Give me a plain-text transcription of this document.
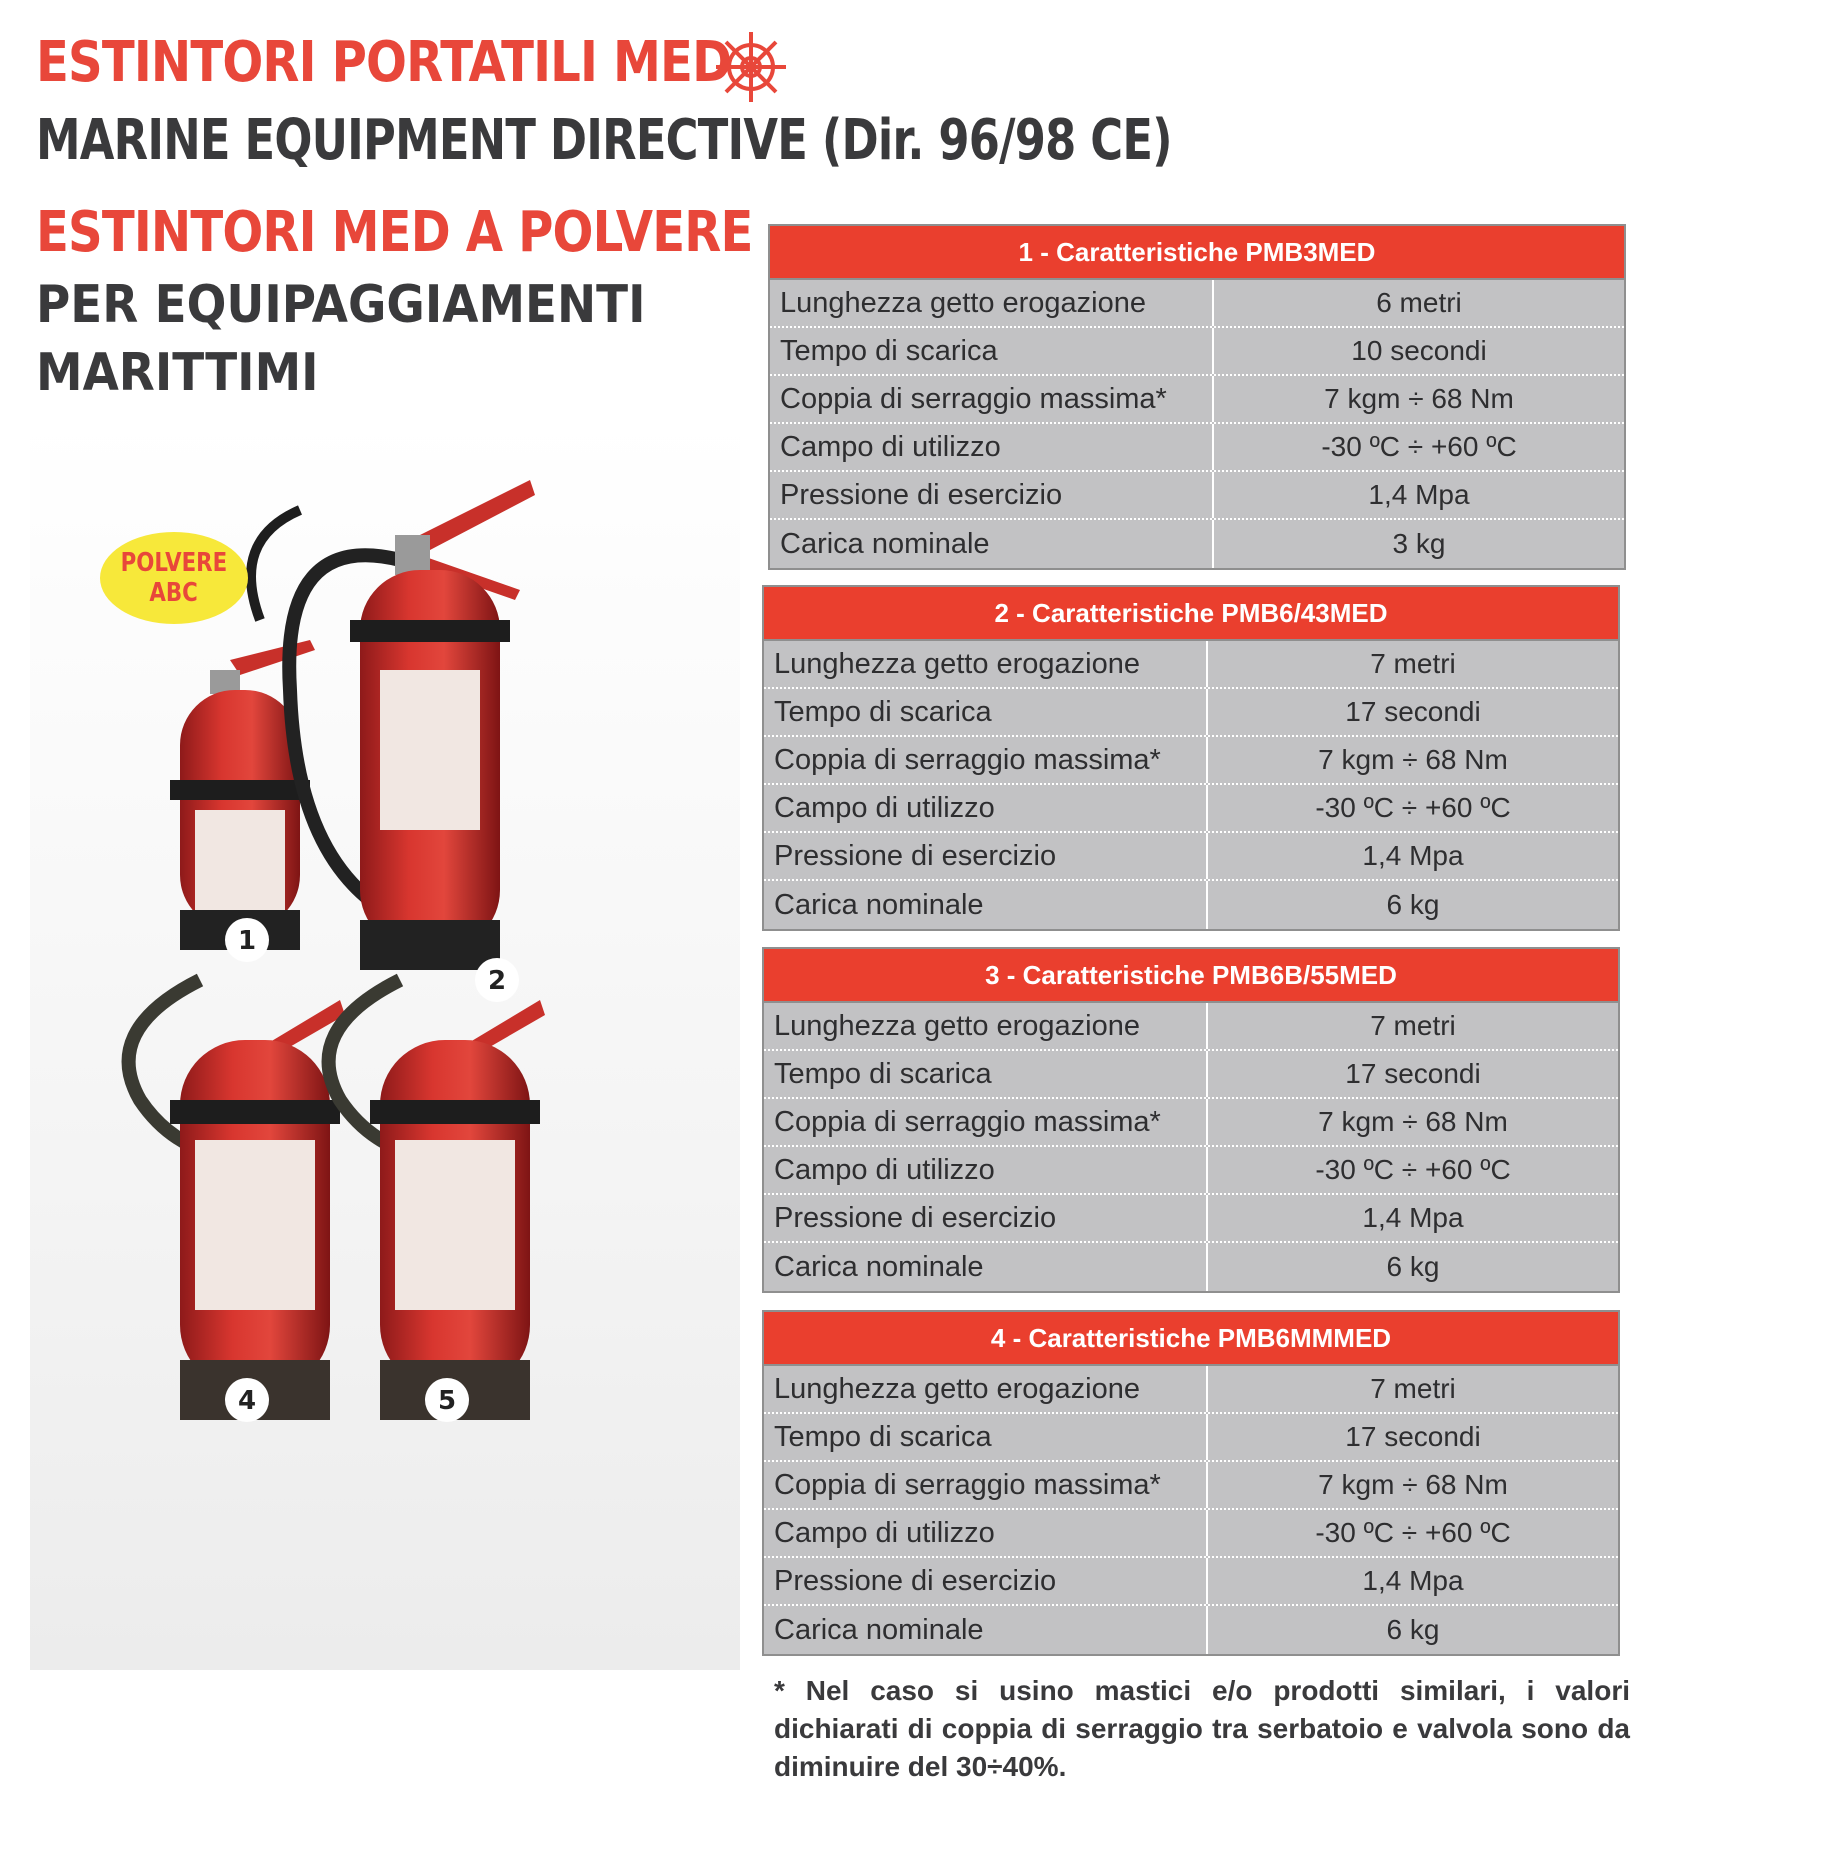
ESTINTORI PORTATILI MED
MARINE EQUIPMENT DIRECTIVE (Dir. 96/98 CE)
ESTINTORI MED A POLVERE
PER EQUIPAGGIAMENTI
MARITTIMI
1
2
4	5
POLVERE
ABC
1 - Caratteristiche PMB3MED
Lunghezza getto erogazione	6 metri
Tempo di scarica	10 secondi
Coppia di serraggio massima*	7 kgm ÷ 68 Nm
Campo di utilizzo	-30 ºC ÷ +60 ºC
Pressione di esercizio	1,4 Mpa
Carica nominale	3 kg
2 - Caratteristiche PMB6/43MED
Lunghezza getto erogazione	7 metri
Tempo di scarica	17 secondi
Coppia di serraggio massima*	7 kgm ÷ 68 Nm
Campo di utilizzo	-30 ºC ÷ +60 ºC
Pressione di esercizio	1,4 Mpa
Carica nominale	6 kg
3 - Caratteristiche PMB6B/55MED
Lunghezza getto erogazione	7 metri
Tempo di scarica	17 secondi
Coppia di serraggio massima*	7 kgm ÷ 68 Nm
Campo di utilizzo	-30 ºC ÷ +60 ºC
Pressione di esercizio	1,4 Mpa
Carica nominale	6 kg
4 - Caratteristiche PMB6MMMED
Lunghezza getto erogazione	7 metri
Tempo di scarica	17 secondi
Coppia di serraggio massima*	7 kgm ÷ 68 Nm
Campo di utilizzo	-30 ºC ÷ +60 ºC
Pressione di esercizio	1,4 Mpa
Carica nominale	6 kg
* Nel caso si usino mastici e/o prodotti similari, i valori dichiarati di coppia di serraggio tra serbatoio e valvola sono da diminuire del 30÷40%.
